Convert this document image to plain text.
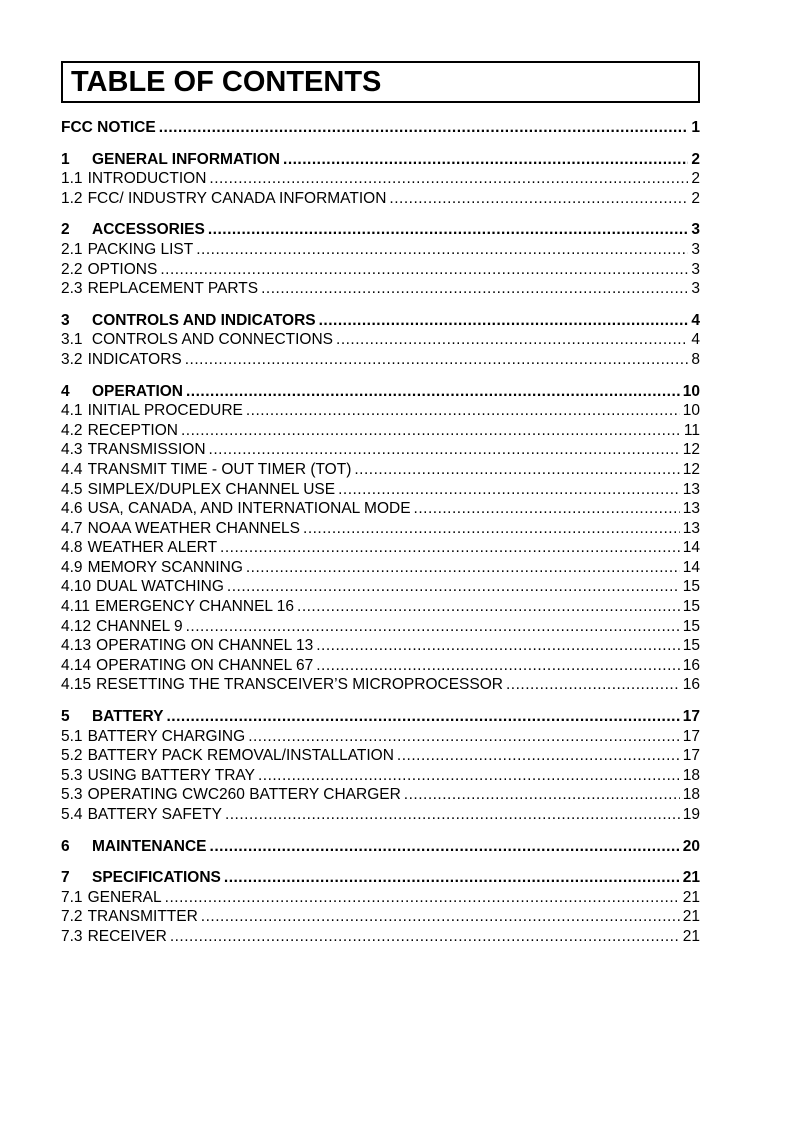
TABLE OF CONTENTS
FCC NOTICE .....	1
1	GENERAL INFORMATION .....	2
1.1 INTRODUCTION .....	2
1.2 FCC/ INDUSTRY CANADA INFORMATION .....	2
2	ACCESSORIES .....	3
2.1 PACKING LIST .....	3
2.2 OPTIONS .....	3
2.3 REPLACEMENT PARTS .....	3
3	CONTROLS AND INDICATORS .....	4
3.1 CONTROLS AND CONNECTIONS .....	4
3.2 INDICATORS .....	8
4	OPERATION .....	10
4.1 INITIAL PROCEDURE .....	10
4.2 RECEPTION .....	11
4.3 TRANSMISSION .....	12
4.4 TRANSMIT TIME - OUT TIMER (TOT) .....	12
4.5 SIMPLEX/DUPLEX CHANNEL USE .....	13
4.6 USA, CANADA, AND INTERNATIONAL MODE .....	13
4.7 NOAA WEATHER CHANNELS .....	13
4.8 WEATHER ALERT .....	14
4.9 MEMORY SCANNING .....	14
4.10 DUAL WATCHING .....	15
4.11 EMERGENCY CHANNEL 16 .....	15
4.12 CHANNEL 9 .....	15
4.13 OPERATING ON CHANNEL 13 .....	15
4.14 OPERATING ON CHANNEL 67 .....	16
4.15 RESETTING THE TRANSCEIVER’S MICROPROCESSOR .....	16
5	BATTERY .....	17
5.1 BATTERY CHARGING .....	17
5.2 BATTERY PACK REMOVAL/INSTALLATION .....	17
5.3 USING BATTERY TRAY .....	18
5.3 OPERATING CWC260 BATTERY CHARGER .....	18
5.4 BATTERY SAFETY .....	19
6	MAINTENANCE .....	20
7	SPECIFICATIONS .....	21
7.1 GENERAL .....	21
7.2 TRANSMITTER .....	21
7.3 RECEIVER .....	21
